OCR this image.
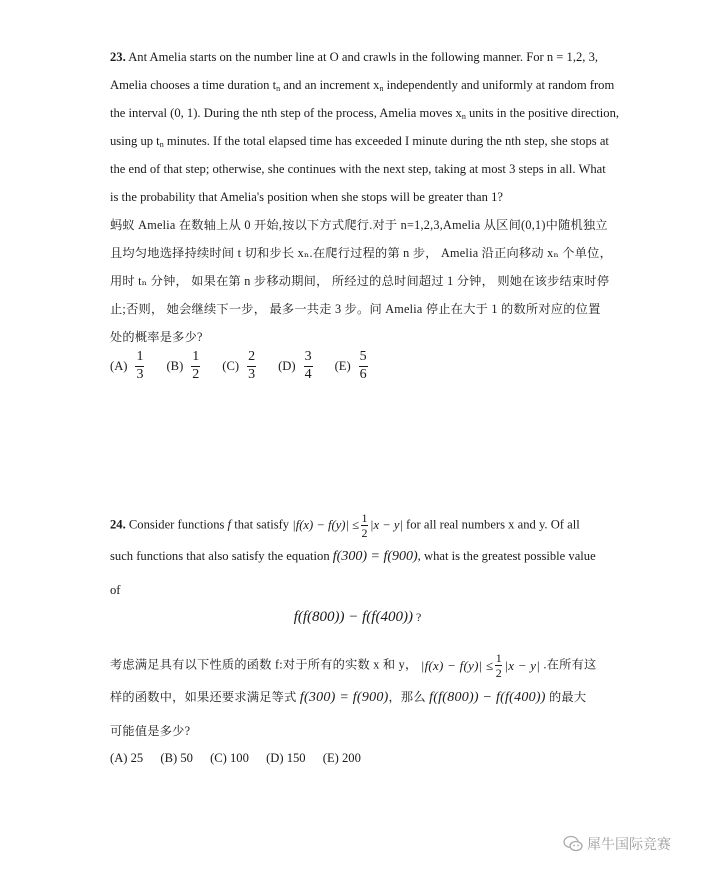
23. Ant Amelia starts on the number line at O and crawls in the following manner. For n = 1,2, 3,
Amelia chooses a time duration $t_n$ and an increment $x_n$ independently and uniformly at random from
the interval (0, 1). During the nth step of the process, Amelia moves $x_n$ units in the positive direction,
using up $t_n$ minutes. If the total elapsed time has exceeded I minute during the nth step, she stops at
the end of that step; otherwise, she continues with the next step, taking at most 3 steps in all. What
is the probability that Amelia's position when she stops will be greater than 1?
蚂蚁 Amelia 在数轴上从 0 开始,按以下方式爬行.对于 n=1,2,3,Amelia 从区间(0,1)中随机独立
且均匀地选择持续时间 t 切和步长 xₙ.在爬行过程的第 n 步， Amelia 沿正向移动 xₙ 个单位，
用时 tₙ 分钟， 如果在第 n 步移动期间， 所经过的总时间超过 1 分钟， 则她在该步结束时停
止;否则， 她会继续下一步， 最多一共走 3 步。问 Amelia 停止在大于 1 的数所对应的位置
处的概率是多少?
$(A) \frac{1}{3} (B) \frac{1}{2} (C) \frac{2}{3} (D) \frac{3}{4} (E) \frac{5}{6}$
24. Consider functions f that satisfy |f(x) − f(y)| ≤ 1
2
|x − y| for all real numbers x and y. Of all
such functions that also satisfy the equation f(300) = f(900), what is the greatest possible value
of
f(f(800)) − f(f(400)) ?
考虑满足具有以下性质的函数 f:对于所有的实数 x 和 y， |f(x) − f(y)| ≤ 1
2
|x − y| .在所有这
样的函数中，如果还要求满足等式 f(300) = f(900)，那么 f(f(800)) − f(f(400)) 的最大
可能值是多少?
(A) 25 (B) 50 (C) 100 (D) 150 (E) 200
犀牛国际竞赛
